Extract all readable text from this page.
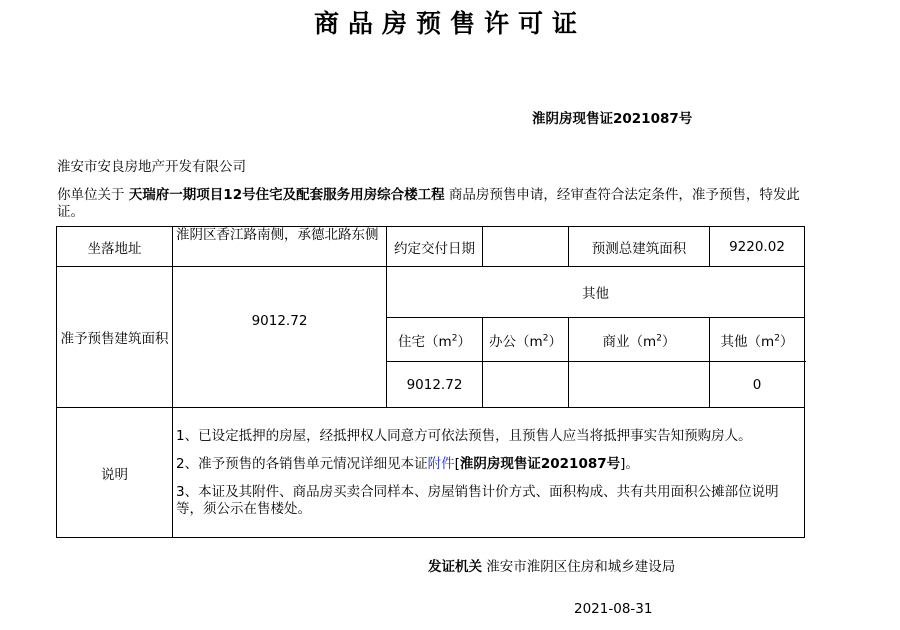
商品房预售许可证
淮阴房现售证2021087号
淮安市安良房地产开发有限公司
你单位关于 天瑞府一期项目12号住宅及配套服务用房综合楼工程 商品房预售申请，经审查符合法定条件，准予预售，特发此证。
坐落地址	淮阴区香江路南侧，承德北路东侧	约定交付日期		预测总建筑面积	9220.02
准予预售建筑面积	9012.72	其他			
		住宅$(m^2)$	办公$(m^2)$	商业$(m^2)$	其他$(m^2)$
		9012.72			0
说明	1、已设定抵押的房屋，经抵押权人同意方可依法预售，且预售人应当将抵押事实告知预购房人。

2、准予预售的各销售单元情况详细见本证附件[淮阴房现售证2021087号]。

3、本证及其附件、商品房买卖合同样本、房屋销售计价方式、面积构成、共有共用面积公摊部位说明等，须公示在售楼处。				

发证机关 淮安市淮阴区住房和城乡建设局
2021-08-31
